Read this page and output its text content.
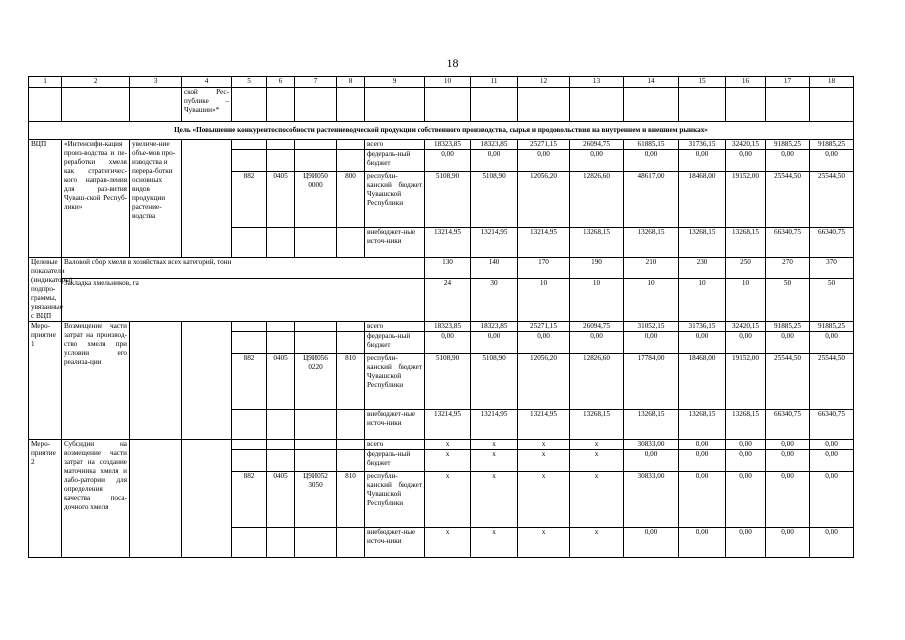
18
1	2	3	4	5	6	7	8	9	10	11	12	13	14	15	16	17	18
			ской Рес-публике – Чувашии»*														
Цель «Повышение конкурентоспособности растениеводческой продукции собственного производства, сырья и продовольствия на внутреннем и внешнем рынках»																	
ВЦП	«Интенсифи-кация произ-водства и пе-реработки хмеля как стратегичес-кого направ-ления для раз-вития Чуваш-ской Респуб-лики»	увеличе-ние объе-мов про-изводства и перера-ботки основных видов продукции растение-водства						всего	18323,85	18323,85	25271,15	26094,75	61885,15	31736,15	32420,15	91885,25	91885,25
								федераль-ный бюджет	0,00	0,00	0,00	0,00	0,00	0,00	0,00	0,00	0,00
				882	0405	Ц9И050 0000	800	республи-канский бюджет Чувашской Республики	5108,90	5108,90	12056,20	12826,60	48617,00	18468,00	19152,00	25544,50	25544,50
								внебюджет-ные источ-ники	13214,95	13214,95	13214,95	13268,15	13268,15	13268,15	13268,15	66340,75	66340,75
Целевые показатели (индикаторы) подпро-граммы, увязанные с ВЦП	Валовой сбор хмеля в хозяйствах всех категорий, тонн								130	140	170	190	210	230	250	270	370
	Закладка хмельников, га								24	30	10	10	10	10	10	50	50
Меро-приятие 1	Возмещение части затрат на производ-ство хмеля при условии его реализа-ции							всего	18323,85	18323,85	25271,15	26094,75	31052,15	31736,15	32420,15	91885,25	91885,25
								федераль-ный бюджет	0,00	0,00	0,00	0,00	0,00	0,00	0,00	0,00	0,00
				882	0405	Ц9И056 0220	810	республи-канский бюджет Чувашской Республики	5108,90	5108,90	12056,20	12826,60	17784,00	18468,00	19152,00	25544,50	25544,50
								внебюджет-ные источ-ники	13214,95	13214,95	13214,95	13268,15	13268,15	13268,15	13268,15	66340,75	66340,75
Меро-приятие 2	Субсидии на возмещение части затрат на создание маточника хмеля и лабо-ратории для определения качества поса-дочного хмеля							всего	x	x	x	x	30833,00	0,00	0,00	0,00	0,00
								федераль-ный бюджет	x	x	x	x	0,00	0,00	0,00	0,00	0,00
				882	0405	Ц9И052 3050	810	республи-канский бюджет Чувашской Республики	x	x	x	x	30833,00	0,00	0,00	0,00	0,00
								внебюджет-ные источ-ники	x	x	x	x	0,00	0,00	0,00	0,00	0,00
